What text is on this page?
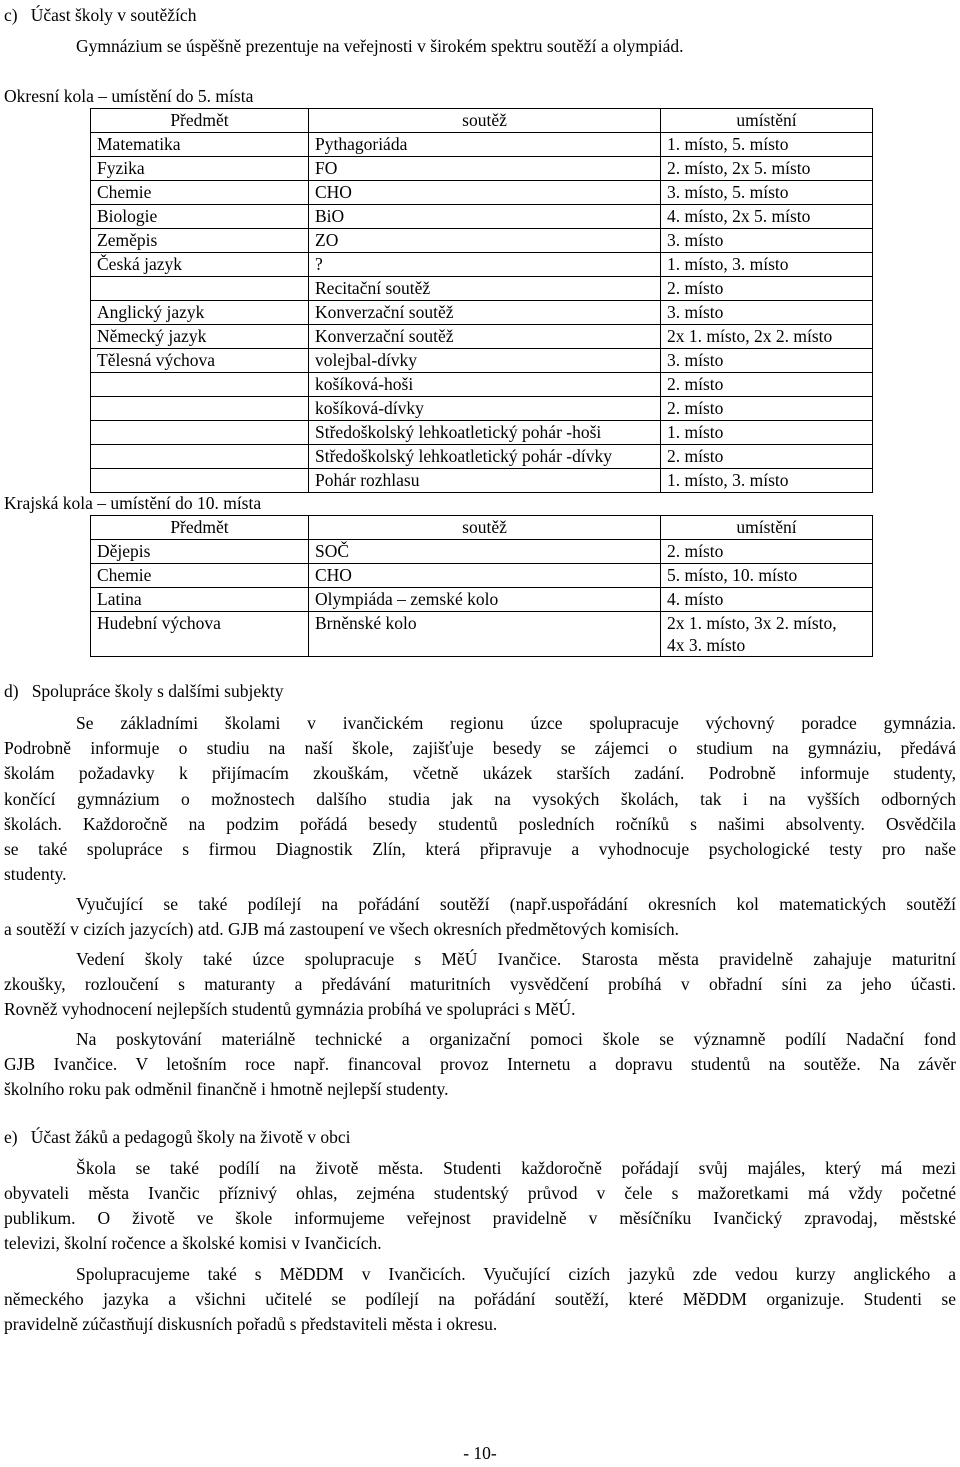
c)   Účast školy v soutěžích
Gymnázium se úspěšně prezentuje na veřejnosti v širokém spektru soutěží a olympiád.
Okresní kola – umístění do 5. místa
Předmět	soutěž	umístění
Matematika	Pythagoriáda	1. místo, 5. místo
Fyzika	FO	2. místo, 2x 5. místo
Chemie	CHO	3. místo, 5. místo
Biologie	BiO	4. místo, 2x 5. místo
Zeměpis	ZO	3. místo
Česká jazyk	?	1. místo, 3. místo
	Recitační soutěž	2. místo
Anglický jazyk	Konverzační soutěž	3. místo
Německý jazyk	Konverzační soutěž	2x 1. místo, 2x 2. místo
Tělesná výchova	volejbal-dívky	3. místo
	košíková-hoši	2. místo
	košíková-dívky	2. místo
	Středoškolský lehkoatletický pohár -hoši	1. místo
	Středoškolský lehkoatletický pohár -dívky	2. místo
	Pohár rozhlasu	1. místo, 3. místo
Krajská kola – umístění do 10. místa
Předmět	soutěž	umístění
Dějepis	SOČ	2. místo
Chemie	CHO	5. místo, 10. místo
Latina	Olympiáda – zemské kolo	4. místo
Hudební výchova	Brněnské kolo	2x 1. místo, 3x 2. místo,
4x 3. místo
d)   Spolupráce školy s dalšími subjekty
Se základními školami v ivančickém regionu úzce spolupracuje výchovný poradce gymnázia.
Podrobně informuje o studiu na naší škole, zajišťuje besedy se zájemci o studium na gymnáziu, předává
školám požadavky k přijímacím zkouškám, včetně ukázek starších zadání. Podrobně informuje studenty,
končící gymnázium o možnostech dalšího studia jak na vysokých školách, tak i na vyšších odborných
školách. Každoročně na podzim pořádá besedy studentů posledních ročníků s našimi absolventy. Osvědčila
se také spolupráce s firmou Diagnostik Zlín, která připravuje a vyhodnocuje psychologické testy pro naše
studenty.
Vyučující se také podílejí na pořádání soutěží (např.uspořádání okresních kol matematických soutěží
a soutěží v cizích jazycích) atd. GJB má zastoupení ve všech okresních předmětových komisích.
Vedení školy také úzce spolupracuje s MěÚ Ivančice. Starosta města pravidelně zahajuje maturitní
zkoušky, rozloučení s maturanty a předávání maturitních vysvědčení probíhá v obřadní síni za jeho účasti.
Rovněž vyhodnocení nejlepších studentů gymnázia probíhá ve spolupráci s MěÚ.
Na poskytování materiálně technické a organizační pomoci škole se významně podílí Nadační fond
GJB Ivančice. V letošním roce např. financoval provoz Internetu a dopravu studentů na soutěže. Na závěr
školního roku pak odměnil finančně i hmotně nejlepší studenty.
e)   Účast žáků a pedagogů školy na životě v obci
Škola se také podílí na životě města. Studenti každoročně pořádají svůj majáles, který má mezi
obyvateli města Ivančic příznivý ohlas, zejména studentský průvod v čele s mažoretkami má vždy početné
publikum. O životě ve škole informujeme veřejnost pravidelně v měsíčníku Ivančický zpravodaj, městské
televizi, školní ročence a školské komisi v Ivančicích.
Spolupracujeme také s MěDDM v Ivančicích. Vyučující cizích jazyků zde vedou kurzy anglického a
německého jazyka a všichni učitelé se podílejí na pořádání soutěží, které MěDDM organizuje. Studenti se
pravidelně zúčastňují diskusních pořadů s představiteli města i okresu.
- 10-
